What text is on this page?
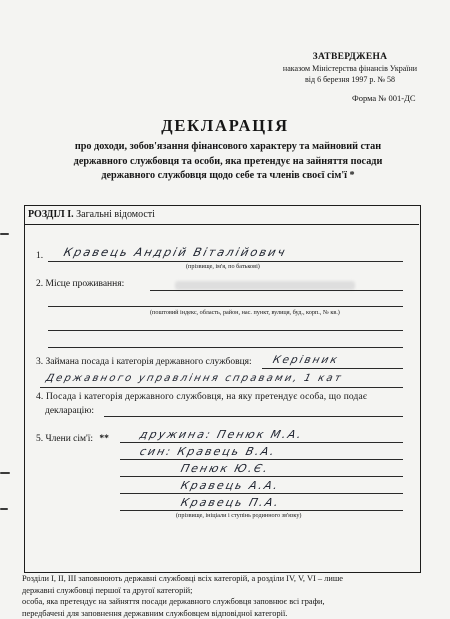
ЗАТВЕРДЖЕНА
наказом Міністерства фінансів України
від 6 березня 1997 р. № 58
Форма № 001-ДС
ДЕКЛАРАЦІЯ
про доходи, зобов'язання фінансового характеру та майновий стан
державного службовця та особи, яка претендує на зайняття посади
державного службовця щодо себе та членів своєї сім'ї *
РОЗДІЛ І. Загальні відомості
1. Кравець Андрій Віталійович
(прізвище, ім'я, по батькові)
2. Місце проживання:
(поштовий індекс, область, район, нас. пункт, вулиця, буд., корп., № кв.)
3. Займана посада і категорія державного службовця: Керівник
Державного управління справами, 1 кат
4. Посада і категорія державного службовця, на яку претендує особа, що подає
декларацію:
5. Члени сім'ї: **	дружина: Пенюк М.А.
син: Кравець В.А.
Пенюк Ю.Є.
Кравець А.А.
Кравець П.А.
(прізвище, ініціали і ступінь родинного зв'язку)
Розділи І, ІІ, ІІІ заповнюють державні службовці всіх категорій, а розділи IV, V, VI – лише
державні службовці першої та другої категорій;
особа, яка претендує на зайняття посади державного службовця заповнює всі графи,
передбачені для заповнення державним службовцем відповідної категорії.
